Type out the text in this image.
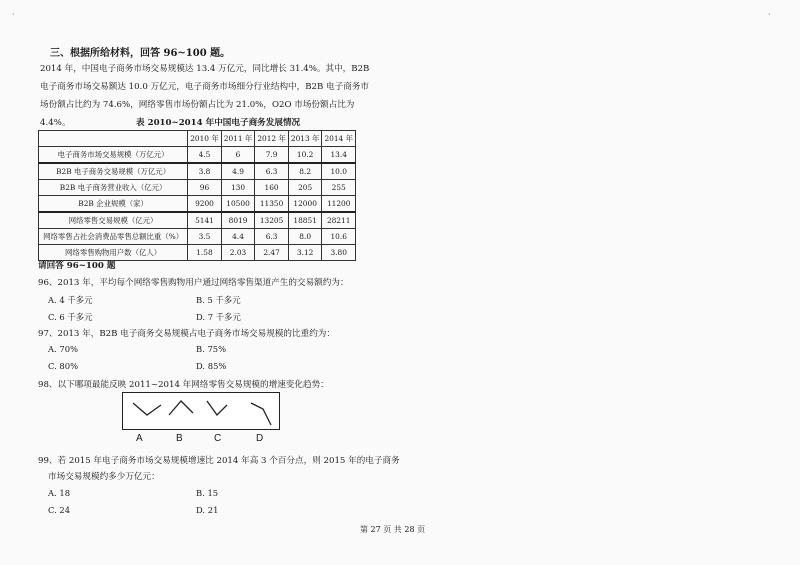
·	·
三、根据所给材料，回答 96~100 题。
2014 年，中国电子商务市场交易规模达 13.4 万亿元，同比增长 31.4%。其中，B2B 电子商务市场交易额达 10.0 万亿元，电子商务市场细分行业结构中，B2B 电子商务市场份额占比约为 74.6%，网络零售市场份额占比为 21.0%，O2O 市场份额占比为 4.4%。	表 2010~2014 年中国电子商务发展情况
	2010 年	2011 年	2012 年	2013 年	2014 年
电子商务市场交易规模（万亿元）	4.5	6	7.9	10.2	13.4
B2B 电子商务交易规模（万亿元）	3.8	4.9	6.3	8.2	10.0
B2B 电子商务营业收入（亿元）	96	130	160	205	255
B2B 企业规模（家）	9200	10500	11350	12000	11200
网络零售交易规模（亿元）	5141	8019	13205	18851	28211
网络零售占社会消费品零售总额比重（%）	3.5	4.4	6.3	8.0	10.6
网络零售购物用户数（亿人）	1.58	2.03	2.47	3.12	3.80
请回答 96~100 题
96、2013 年，平均每个网络零售购物用户通过网络零售渠道产生的交易额约为：
A. 4 千多元	B. 5 千多元
C. 6 千多元	D. 7 千多元
97、2013 年，B2B 电子商务交易规模占电子商务市场交易规模的比重约为：
A. 70%	B. 75%
C. 80%	D. 85%
98、以下哪项最能反映 2011~2014 年网络零售交易规模的增速变化趋势：
A	B	C	D
99、若 2015 年电子商务市场交易规模增速比 2014 年高 3 个百分点，则 2015 年的电子商务
市场交易规模约多少万亿元：
A. 18	B. 15
C. 24	D. 21
第 27 页 共 28 页
